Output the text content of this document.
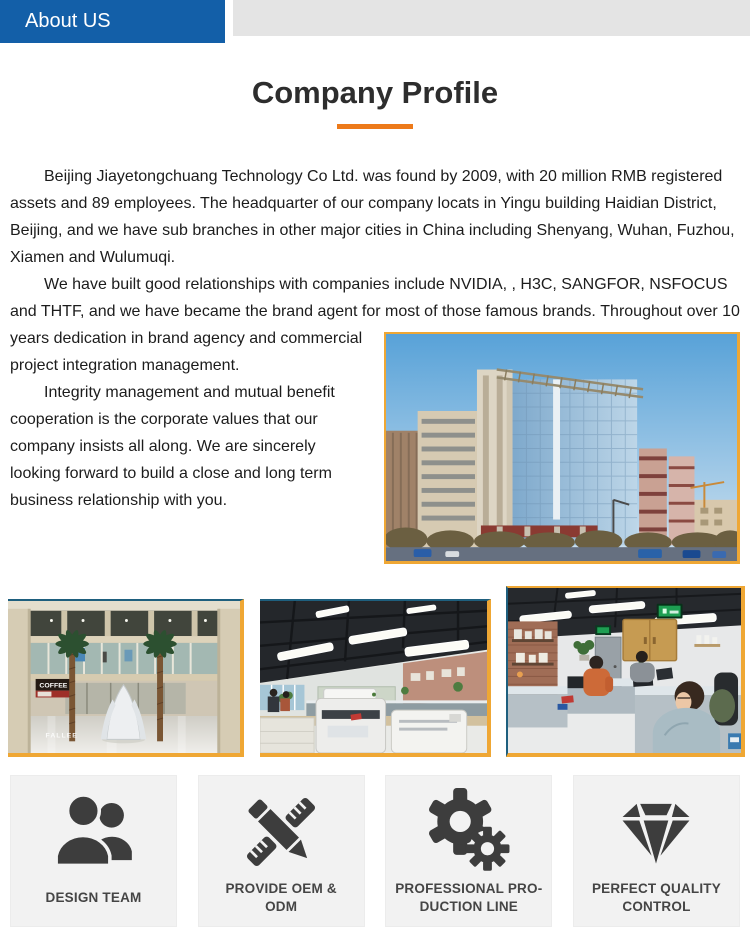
About US
Company Profile

Beijing Jiayetongchuang Technology Co Ltd. was found by 2009, with 20 million RMB registered assets and 89 employees. The headquarter of our company locats in Yingu building Haidian District, Beijing, and we have sub branches in other major cities in China including Shenyang, Wuhan, Fuzhou, Xiamen and Wulumuqi.

We have built good relationships with companies include NVIDIA, , H3C, SANGFOR, NSFOCUS and THTF, and we have became the brand agent for most of those famous brands. Throughout over 10 years dedication in brand agency and commercial project integration management.

Integrity management and mutual benefit cooperation is the corporate values that our company insists all along. We are sincerely looking forward to build a close and long term business relationship with you.

COFFEE
FALLEE
DESIGN TEAM
PROVIDE OEM &
ODM
PROFESSIONAL PRO-
DUCTION LINE
PERFECT QUALITY
CONTROL
